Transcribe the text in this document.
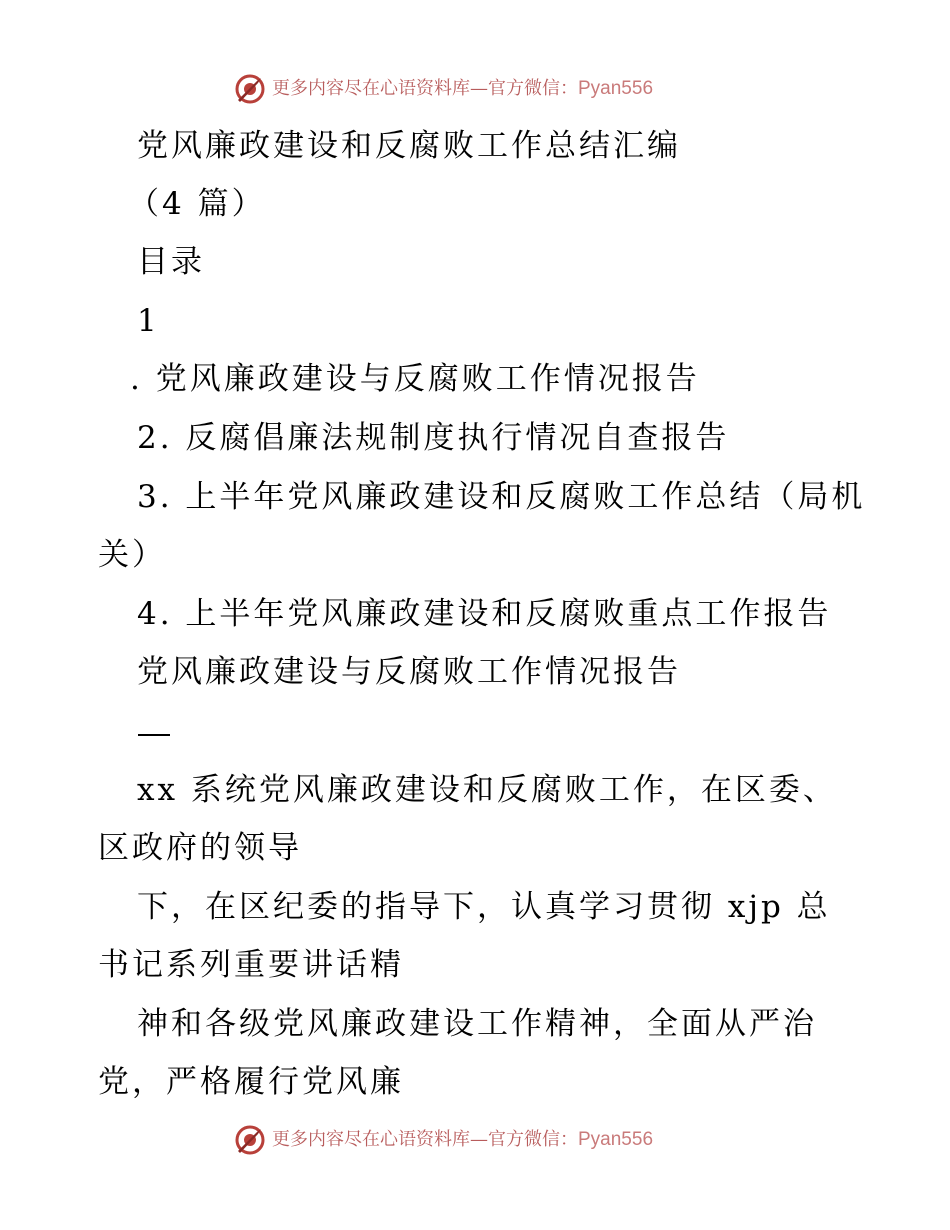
更多内容尽在心语资料库 — 官方微信： Pyan556
党风廉政建设和反腐败工作总结汇编
（4 篇）
目录
1
. 党风廉政建设与反腐败工作情况报告
2. 反腐倡廉法规制度执行情况自查报告
3. 上半年党风廉政建设和反腐败工作总结（局机
关）
4. 上半年党风廉政建设和反腐败重点工作报告
党风廉政建设与反腐败工作情况报告
xx 系统党风廉政建设和反腐败工作，在区委、
区政府的领导
下，在区纪委的指导下，认真学习贯彻 xjp 总
书记系列重要讲话精
神和各级党风廉政建设工作精神，全面从严治
党，严格履行党风廉
更多内容尽在心语资料库 — 官方微信： Pyan556
